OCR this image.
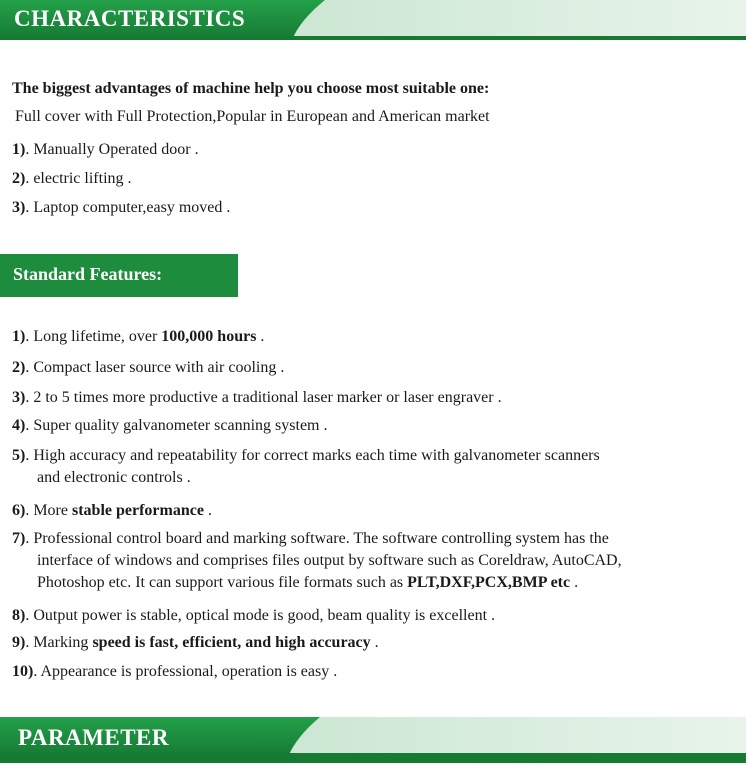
CHARACTERISTICS
The biggest advantages of machine help you choose most suitable one:
Full cover with Full Protection,Popular in European and American market
1). Manually Operated door .
2). electric lifting .
3). Laptop computer,easy moved .
Standard Features:
1). Long lifetime, over 100,000 hours .
2). Compact laser source with air cooling .
3). 2 to 5 times more productive a traditional laser marker or laser engraver .
4). Super quality galvanometer scanning system .
5). High accuracy and repeatability for correct marks each time with galvanometer scanners
and electronic controls .
6). More stable performance .
7). Professional control board and marking software. The software controlling system has the
interface of windows and comprises files output by software such as Coreldraw, AutoCAD,
Photoshop etc. It can support various file formats such as PLT,DXF,PCX,BMP etc .
8). Output power is stable, optical mode is good, beam quality is excellent .
9). Marking speed is fast, efficient, and high accuracy .
10). Appearance is professional, operation is easy .
PARAMETER
